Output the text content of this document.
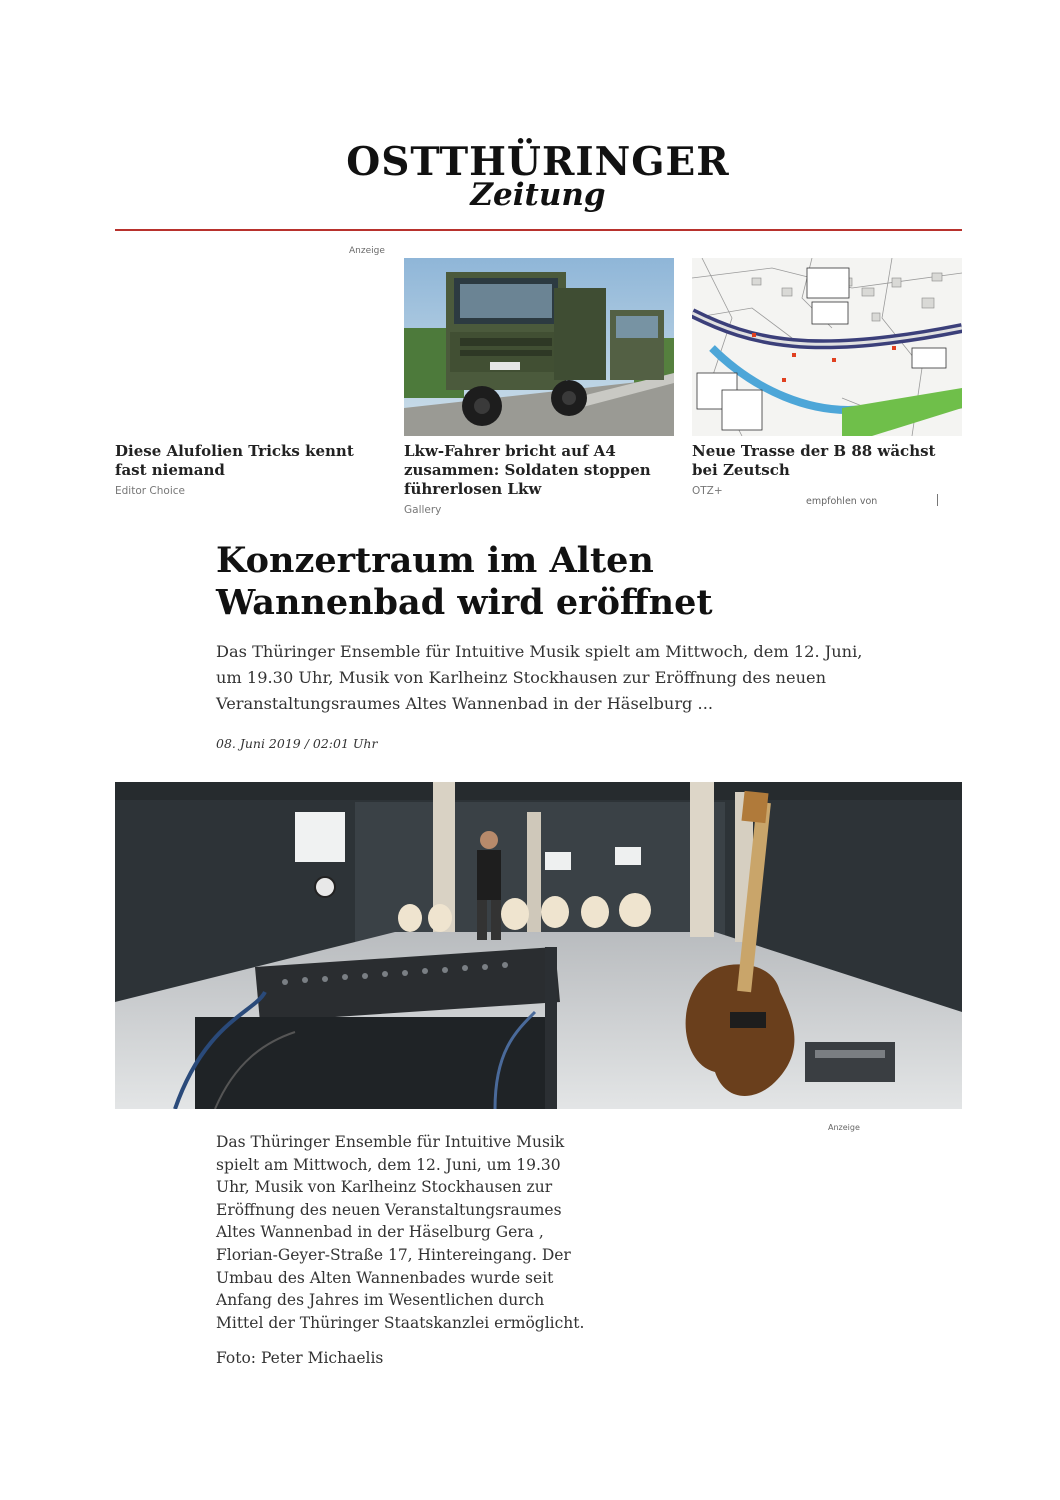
OSTTHÜRINGER
Zeitung
Anzeige
Diese Alufolien Tricks kennt fast niemand
Editor Choice
Lkw-Fahrer bricht auf A4 zusammen: Soldaten stoppen führerlosen Lkw
Gallery
Neue Trasse der B 88 wächst bei Zeutsch
OTZ+
empfohlen von
Konzertraum im Alten Wannenbad wird eröffnet
Das Thüringer Ensemble für Intuitive Musik spielt am Mittwoch, dem 12. Juni, um 19.30 Uhr, Musik von Karlheinz Stockhausen zur Eröffnung des neuen Veranstaltungsraumes Altes Wannenbad in der Häselburg ...
08. Juni 2019 / 02:01 Uhr
Anzeige
Das Thüringer Ensemble für Intuitive Musik spielt am Mittwoch, dem 12. Juni, um 19.30 Uhr, Musik von Karlheinz Stockhausen zur Eröffnung des neuen Veranstaltungsraumes Altes Wannenbad in der Häselburg Gera , Florian-Geyer-Straße 17, Hintereingang. Der Umbau des Alten Wannenbades wurde seit Anfang des Jahres im Wesentlichen durch Mittel der Thüringer Staatskanzlei ermöglicht.
Foto: Peter Michaelis
